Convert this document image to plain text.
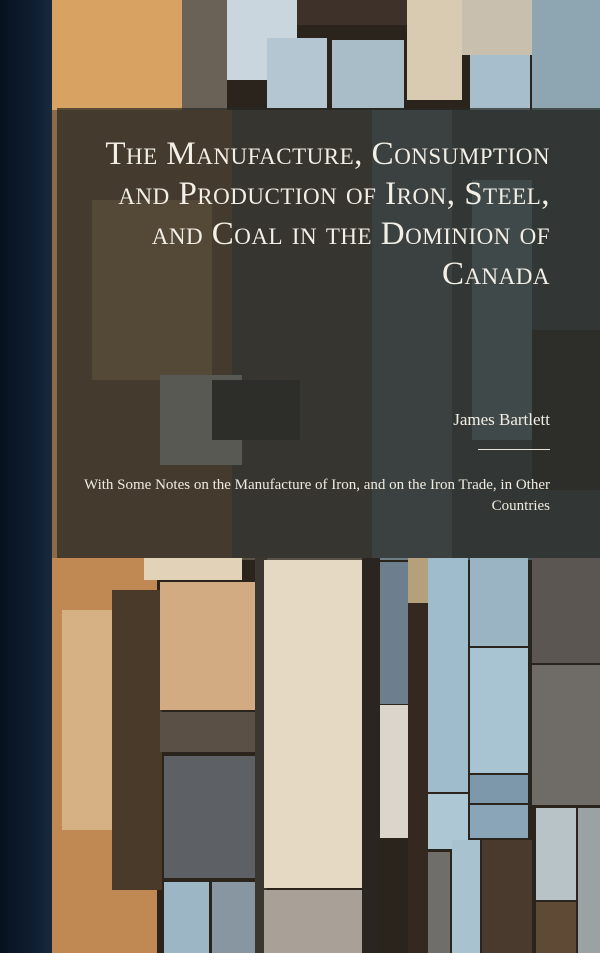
The Manufacture, Consumption and Production of Iron, Steel, and Coal in the Dominion of Canada
James Bartlett
With Some Notes on the Manufacture of Iron, and on the Iron Trade, in Other Countries
